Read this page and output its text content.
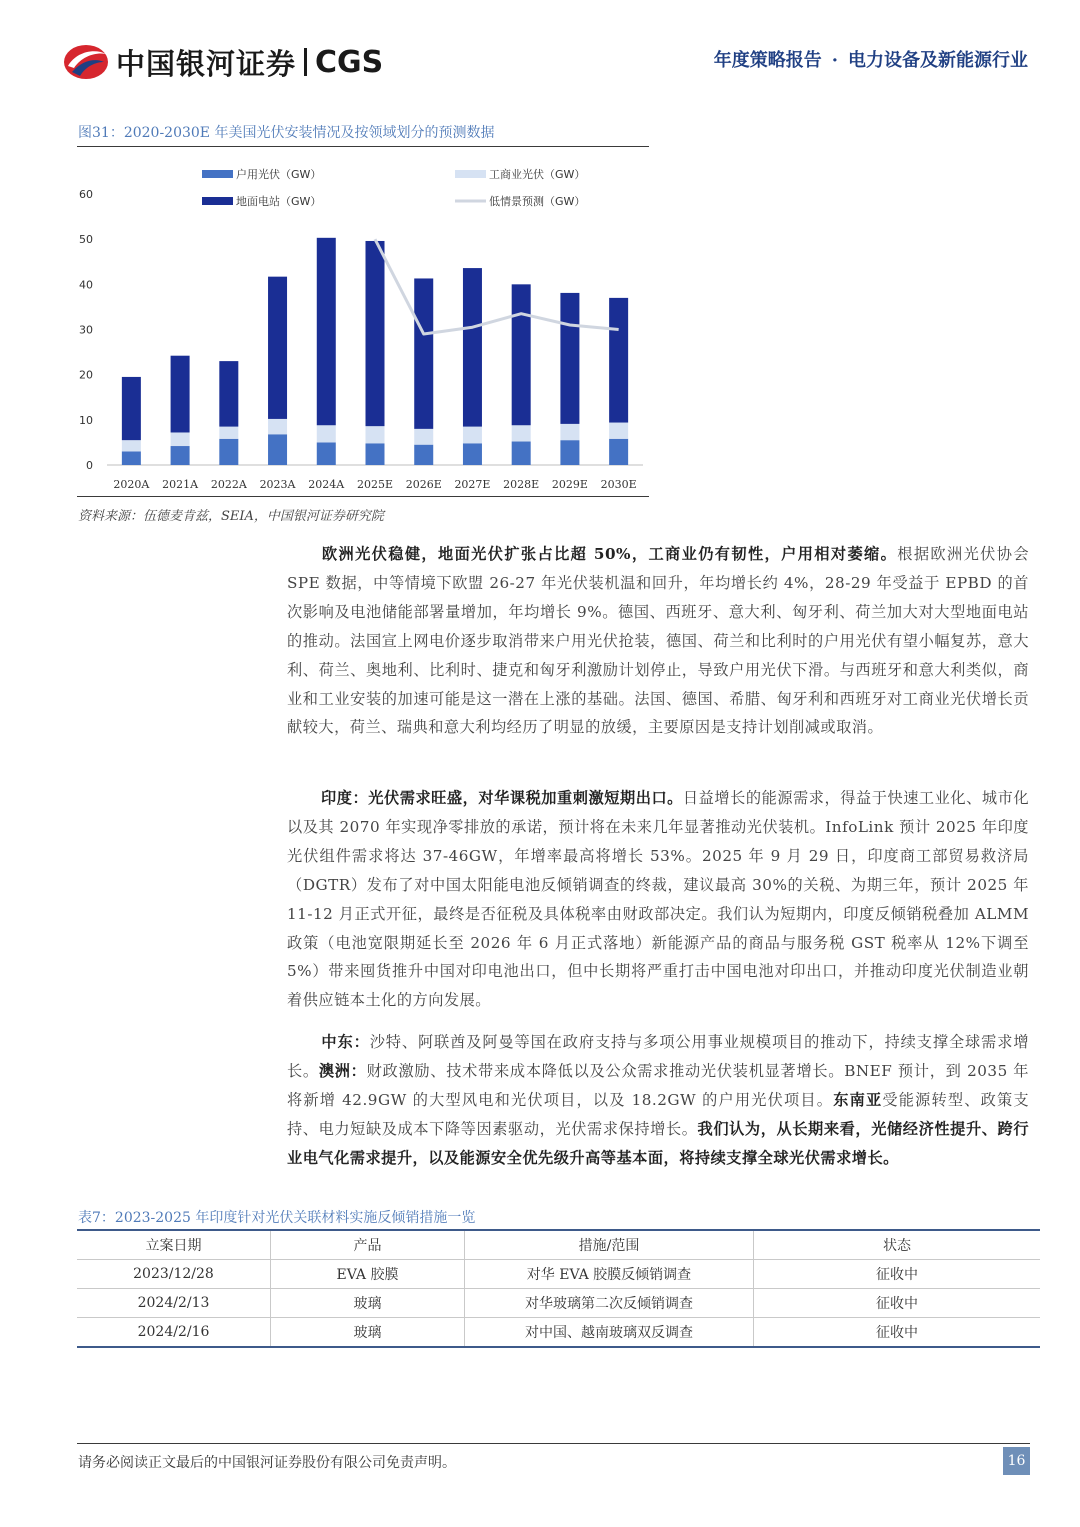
中国银河证券 CGS	年度策略报告 · 电力设备及新能源行业
图31：2020-2030E 年美国光伏安装情况及按领域划分的预测数据
0
10
20
30
40
50
60
2020A 2021A 2022A 2023A 2024A 2025E 2026E 2027E 2028E 2029E 2030E
户用光伏（GW）	工商业光伏（GW）
地面电站（GW）	低情景预测（GW）
资料来源：伍德麦肯兹，SEIA，中国银河证券研究院
欧洲光伏稳健，地面光伏扩张占比超 50%，工商业仍有韧性，户用相对萎缩。根据欧洲光伏协会 SPE 数据，中等情境下欧盟 26-27 年光伏装机温和回升，年均增长约 4%，28-29 年受益于 EPBD 的首次影响及电池储能部署量增加，年均增长 9%。德国、西班牙、意大利、匈牙利、荷兰加大对大型地面电站的推动。法国宣上网电价逐步取消带来户用光伏抢装，德国、荷兰和比利时的户用光伏有望小幅复苏，意大利、荷兰、奥地利、比利时、捷克和匈牙利激励计划停止，导致户用光伏下滑。与西班牙和意大利类似，商业和工业安装的加速可能是这一潜在上涨的基础。法国、德国、希腊、匈牙利和西班牙对工商业光伏增长贡献较大，荷兰、瑞典和意大利均经历了明显的放缓，主要原因是支持计划削减或取消。
印度：光伏需求旺盛，对华课税加重刺激短期出口。日益增长的能源需求，得益于快速工业化、城市化以及其 2070 年实现净零排放的承诺，预计将在未来几年显著推动光伏装机。InfoLink 预计 2025 年印度光伏组件需求将达 37-46GW，年增率最高将增长 53%。2025 年 9 月 29 日，印度商工部贸易救济局（DGTR）发布了对中国太阳能电池反倾销调查的终裁，建议最高 30%的关税、为期三年，预计 2025 年 11-12 月正式开征，最终是否征税及具体税率由财政部决定。我们认为短期内，印度反倾销税叠加 ALMM 政策（电池宽限期延长至 2026 年 6 月正式落地）新能源产品的商品与服务税 GST 税率从 12%下调至 5%）带来囤货推升中国对印电池出口，但中长期将严重打击中国电池对印出口，并推动印度光伏制造业朝着供应链本土化的方向发展。
中东：沙特、阿联酋及阿曼等国在政府支持与多项公用事业规模项目的推动下，持续支撑全球需求增长。澳洲：财政激励、技术带来成本降低以及公众需求推动光伏装机显著增长。BNEF 预计，到 2035 年将新增 42.9GW 的大型风电和光伏项目，以及 18.2GW 的户用光伏项目。东南亚受能源转型、政策支持、电力短缺及成本下降等因素驱动，光伏需求保持增长。我们认为，从长期来看，光储经济性提升、跨行业电气化需求提升，以及能源安全优先级升高等基本面，将持续支撑全球光伏需求增长。
表7：2023-2025 年印度针对光伏关联材料实施反倾销措施一览
立案日期	产品	措施/范围	状态
2023/12/28	EVA 胶膜	对华 EVA 胶膜反倾销调查	征收中
2024/2/13	玻璃	对华玻璃第二次反倾销调查	征收中
2024/2/16	玻璃	对中国、越南玻璃双反调查	征收中
请务必阅读正文最后的中国银河证券股份有限公司免责声明。	16
